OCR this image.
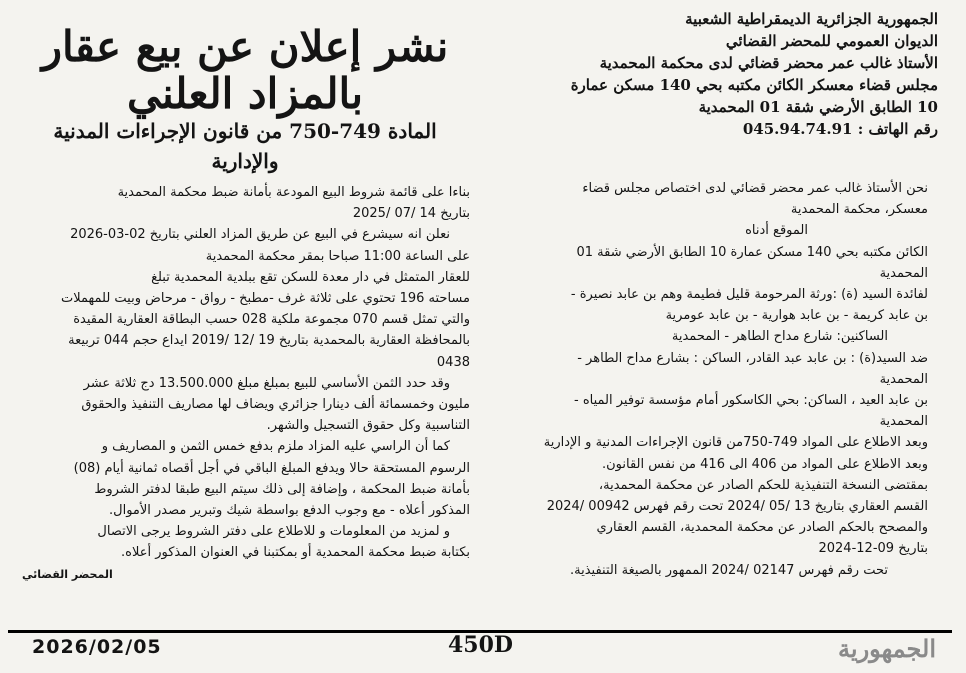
الجمهورية الجزائرية الديمقراطية الشعبية
الديوان العمومي للمحضر القضائي
الأستاذ غالب عمر محضر قضائي لدى محكمة المحمدية
مجلس قضاء معسكر الكائن مكتبه بحي 140 مسكن عمارة
10 الطابق الأرضي شقة 01 المحمدية
رقم الهاتف : 045.94.74.91
نشر إعلان عن بيع عقار
بالمزاد العلني
المادة 749-750 من قانون الإجراءات المدنية والإدارية
نحن الأستاذ غالب عمر محضر قضائي لدى اختصاص مجلس قضاء
معسكر، محكمة المحمدية
الموقع أدناه
الكائن مكتبه بحي 140 مسكن عمارة 10 الطابق الأرضي شقة 01
المحمدية
لفائدة السيد (ة) :ورثة المرحومة قليل فطيمة وهم بن عابد نصيرة -
بن عابد كريمة - بن عابد هوارية - بن عابد عومرية
الساكنين: شارع مداح الطاهر - المحمدية
ضد السيد(ة) : بن عابد عبد القادر، الساكن : بشارع مداح الطاهر -
المحمدية
بن عابد العيد ، الساكن: بحي الكاسكور أمام مؤسسة توفير المياه -
المحمدية
وبعد الاطلاع على المواد 749-750من قانون الإجراءات المدنية و الإدارية
وبعد الاطلاع على المواد من 406 الى 416 من نفس القانون.
بمقتضى النسخة التنفيذية للحكم الصادر عن محكمة المحمدية،
القسم العقاري بتاريخ 13 /05 /2024 تحت رقم فهرس 00942 /2024
والمصحح بالحكم الصادر عن محكمة المحمدية، القسم العقاري
بتاريخ 09-12-2024
تحت رقم فهرس 02147 /2024 الممهور بالصيغة التنفيذية.
بناءا على قائمة شروط البيع المودعة بأمانة ضبط محكمة المحمدية
بتاريخ 14 /07 /2025
نعلن انه سيشرع في البيع عن طريق المزاد العلني بتاريخ 02-03-2026
على الساعة 11:00 صباحا بمقر محكمة المحمدية
للعقار المتمثل في دار معدة للسكن تقع ببلدية المحمدية تبلغ
مساحته 196 تحتوي على ثلاثة غرف -مطبخ - رواق - مرحاض وبيت للمهملات
والتي تمثل قسم 070 مجموعة ملكية 028 حسب البطاقة العقارية المقيدة
بالمحافظة العقارية بالمحمدية بتاريخ 19 /12 /2019 ايداع حجم 044 تربيعة
0438
وقد حدد الثمن الأساسي للبيع بمبلغ مبلغ 13.500.000 دج ثلاثة عشر
مليون وخمسمائة ألف دينارا جزائري ويضاف لها مصاريف التنفيذ والحقوق
التناسبية وكل حقوق التسجيل والشهر.
كما أن الراسي عليه المزاد ملزم بدفع خمس الثمن و المصاريف و
الرسوم المستحقة حالا ويدفع المبلغ الباقي في أجل أقصاه ثمانية أيام (08)
بأمانة ضبط المحكمة ، وإضافة إلى ذلك سيتم البيع طبقا لدفتر الشروط
المذكور أعلاه - مع وجوب الدفع بواسطة شيك وتبرير مصدر الأموال.
و لمزيد من المعلومات و للاطلاع على دفتر الشروط يرجى الاتصال
بكتابة ضبط محكمة المحمدية أو بمكتبنا في العنوان المذكور أعلاه.
المحضر القضائي
2026/02/05	450D	الجمهورية
